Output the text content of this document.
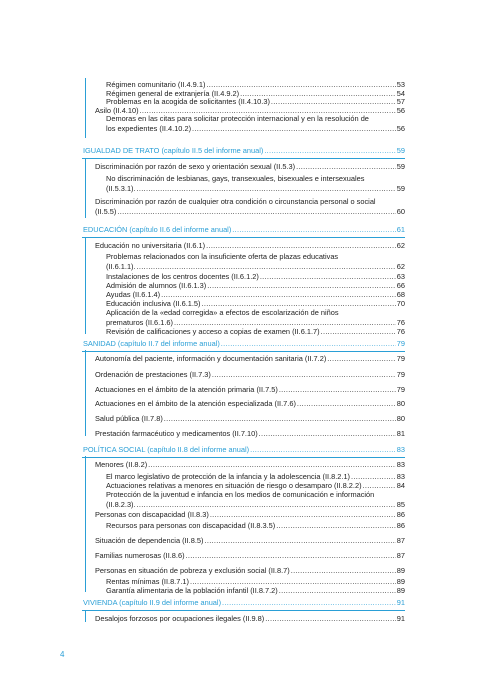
Régimen comunitario (II.4.9.1) .....	53
Régimen general de extranjería (II.4.9.2) .....	54
Problemas en la acogida de solicitantes (II.4.10.3) .....	57
Asilo (II.4.10) .....	56
Demoras en las citas para solicitar protección internacional y en la resolución de
los expedientes (II.4.10.2) .....	56
IGUALDAD DE TRATO (capítulo II.5 del informe anual) .....	59
Discriminación por razón de sexo y orientación sexual (II.5.3) .....	59
No discriminación de lesbianas, gays, transexuales, bisexuales e intersexuales
(II.5.3.1). .....	59
Discriminación por razón de cualquier otra condición o circunstancia personal o social
(II.5.5) .....	60
EDUCACIÓN (capítulo II.6 del informe anual) .....	61
Educación no universitaria (II.6.1) .....	62
Problemas relacionados con la insuficiente oferta de plazas educativas
(II.6.1.1). .....	62
Instalaciones de los centros docentes (II.6.1.2) .....	63
Admisión de alumnos (II.6.1.3) .....	66
Ayudas (II.6.1.4) .....	68
Educación inclusiva (II.6.1.5) .....	70
Aplicación de la «edad corregida» a efectos de escolarización de niños
prematuros (II.6.1.6) .....	76
Revisión de calificaciones y acceso a copias de examen (II.6.1.7) .....	76
SANIDAD (capítulo II.7 del informe anual) .....	79
Autonomía del paciente, información y documentación sanitaria (II.7.2) .....	79
Ordenación de prestaciones (II.7.3) .....	79
Actuaciones en el ámbito de la atención primaria (II.7.5) .....	79
Actuaciones en el ámbito de la atención especializada (II.7.6) .....	80
Salud pública (II.7.8) .....	80
Prestación farmacéutico y medicamentos (II.7.10) .....	81
POLÍTICA SOCIAL (capítulo II.8 del informe anual) .....	83
Menores (II.8.2) .....	83
El marco legislativo de protección de la infancia y la adolescencia (II.8.2.1) .....	83
Actuaciones relativas a menores en situación de riesgo o desamparo (II.8.2.2) .....	84
Protección de la juventud e infancia en los medios de comunicación e información
(II.8.2.3). .....	85
Personas con discapacidad (II.8.3) .....	86
Recursos para personas con discapacidad (II.8.3.5) .....	86
Situación de dependencia (II.8.5) .....	87
Familias numerosas (II.8.6) .....	87
Personas en situación de pobreza y exclusión social (II.8.7) .....	89
Rentas mínimas (II.8.7.1) .....	89
Garantía alimentaria de la población infantil (II.8.7.2) .....	89
VIVIENDA (capítulo II.9 del informe anual) .....	91
Desalojos forzosos por ocupaciones ilegales (II.9.8) .....	91
4
